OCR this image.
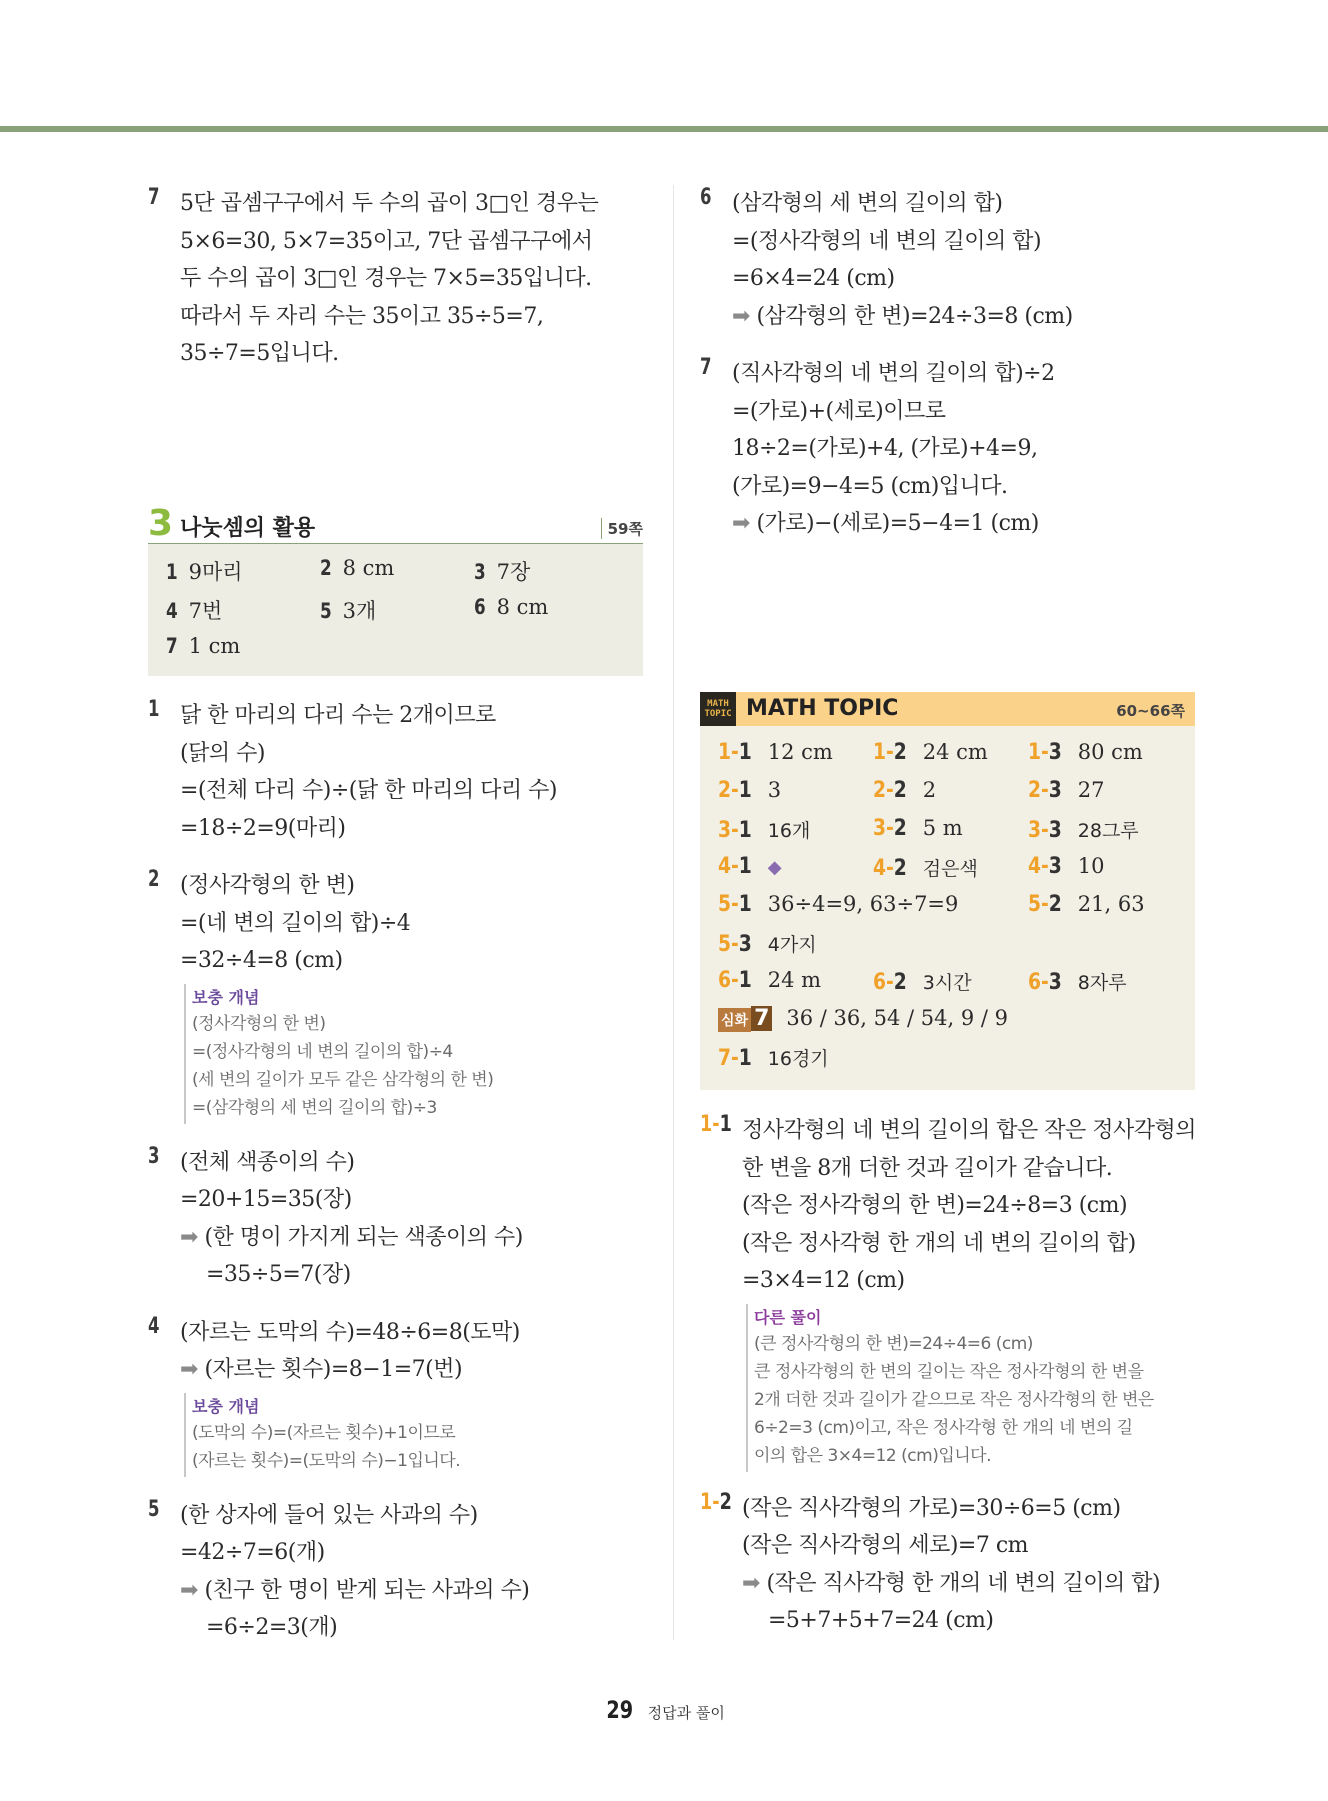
7 5단 곱셈구구에서 두 수의 곱이 3□인 경우는
5×6=30, 5×7=35이고, 7단 곱셈구구에서
두 수의 곱이 3□인 경우는 7×5=35입니다.
따라서 두 자리 수는 35이고 35÷5=7,
35÷7=5입니다.
3 나눗셈의 활용	59쪽
1 9마리	2 8 cm	3 7장
4 7번	5 3개	6 8 cm
7 1 cm
1 닭 한 마리의 다리 수는 2개이므로
(닭의 수)
=(전체 다리 수)÷(닭 한 마리의 다리 수)
=18÷2=9(마리)
2 (정사각형의 한 변)
=(네 변의 길이의 합)÷4
=32÷4=8 (cm)
보충 개념
(정사각형의 한 변)
=(정사각형의 네 변의 길이의 합)÷4
(세 변의 길이가 모두 같은 삼각형의 한 변)
=(삼각형의 세 변의 길이의 합)÷3
3 (전체 색종이의 수)
=20+15=35(장)
➡ (한 명이 가지게 되는 색종이의 수)
=35÷5=7(장)
4 (자르는 도막의 수)=48÷6=8(도막)
➡ (자르는 횟수)=8−1=7(번)
보충 개념
(도막의 수)=(자르는 횟수)+1이므로
(자르는 횟수)=(도막의 수)−1입니다.
5 (한 상자에 들어 있는 사과의 수)
=42÷7=6(개)
➡ (친구 한 명이 받게 되는 사과의 수)
=6÷2=3(개)
6 (삼각형의 세 변의 길이의 합)
=(정사각형의 네 변의 길이의 합)
=6×4=24 (cm)
➡ (삼각형의 한 변)=24÷3=8 (cm)
7 (직사각형의 네 변의 길이의 합)÷2
=(가로)+(세로)이므로
18÷2=(가로)+4, (가로)+4=9,
(가로)=9−4=5 (cm)입니다.
➡ (가로)−(세로)=5−4=1 (cm)
MATH
TOPIC MATH TOPIC	60~66쪽
1-1 12 cm 1-2 24 cm 1-3 80 cm
2-1 3	2-2 2	2-3 27
3-1 16개	3-2 5 m	3-3 28그루
4-1 ◆	4-2 검은색 4-3 10
5-1 36÷4=9, 63÷7=9	5-2 21, 63
5-3 4가지
6-1 24 m 6-2 3시간	6-3 8자루
심화 7 36 / 36, 54 / 54, 9 / 9
7-1 16경기
1-1 정사각형의 네 변의 길이의 합은 작은 정사각형의
한 변을 8개 더한 것과 길이가 같습니다.
(작은 정사각형의 한 변)=24÷8=3 (cm)
(작은 정사각형 한 개의 네 변의 길이의 합)
=3×4=12 (cm)
다른 풀이
(큰 정사각형의 한 변)=24÷4=6 (cm)
큰 정사각형의 한 변의 길이는 작은 정사각형의 한 변을
2개 더한 것과 길이가 같으므로 작은 정사각형의 한 변은
6÷2=3 (cm)이고, 작은 정사각형 한 개의 네 변의 길
이의 합은 3×4=12 (cm)입니다.
1-2 (작은 직사각형의 가로)=30÷6=5 (cm)
(작은 직사각형의 세로)=7 cm
➡ (작은 직사각형 한 개의 네 변의 길이의 합)
=5+7+5+7=24 (cm)
29 정답과 풀이
